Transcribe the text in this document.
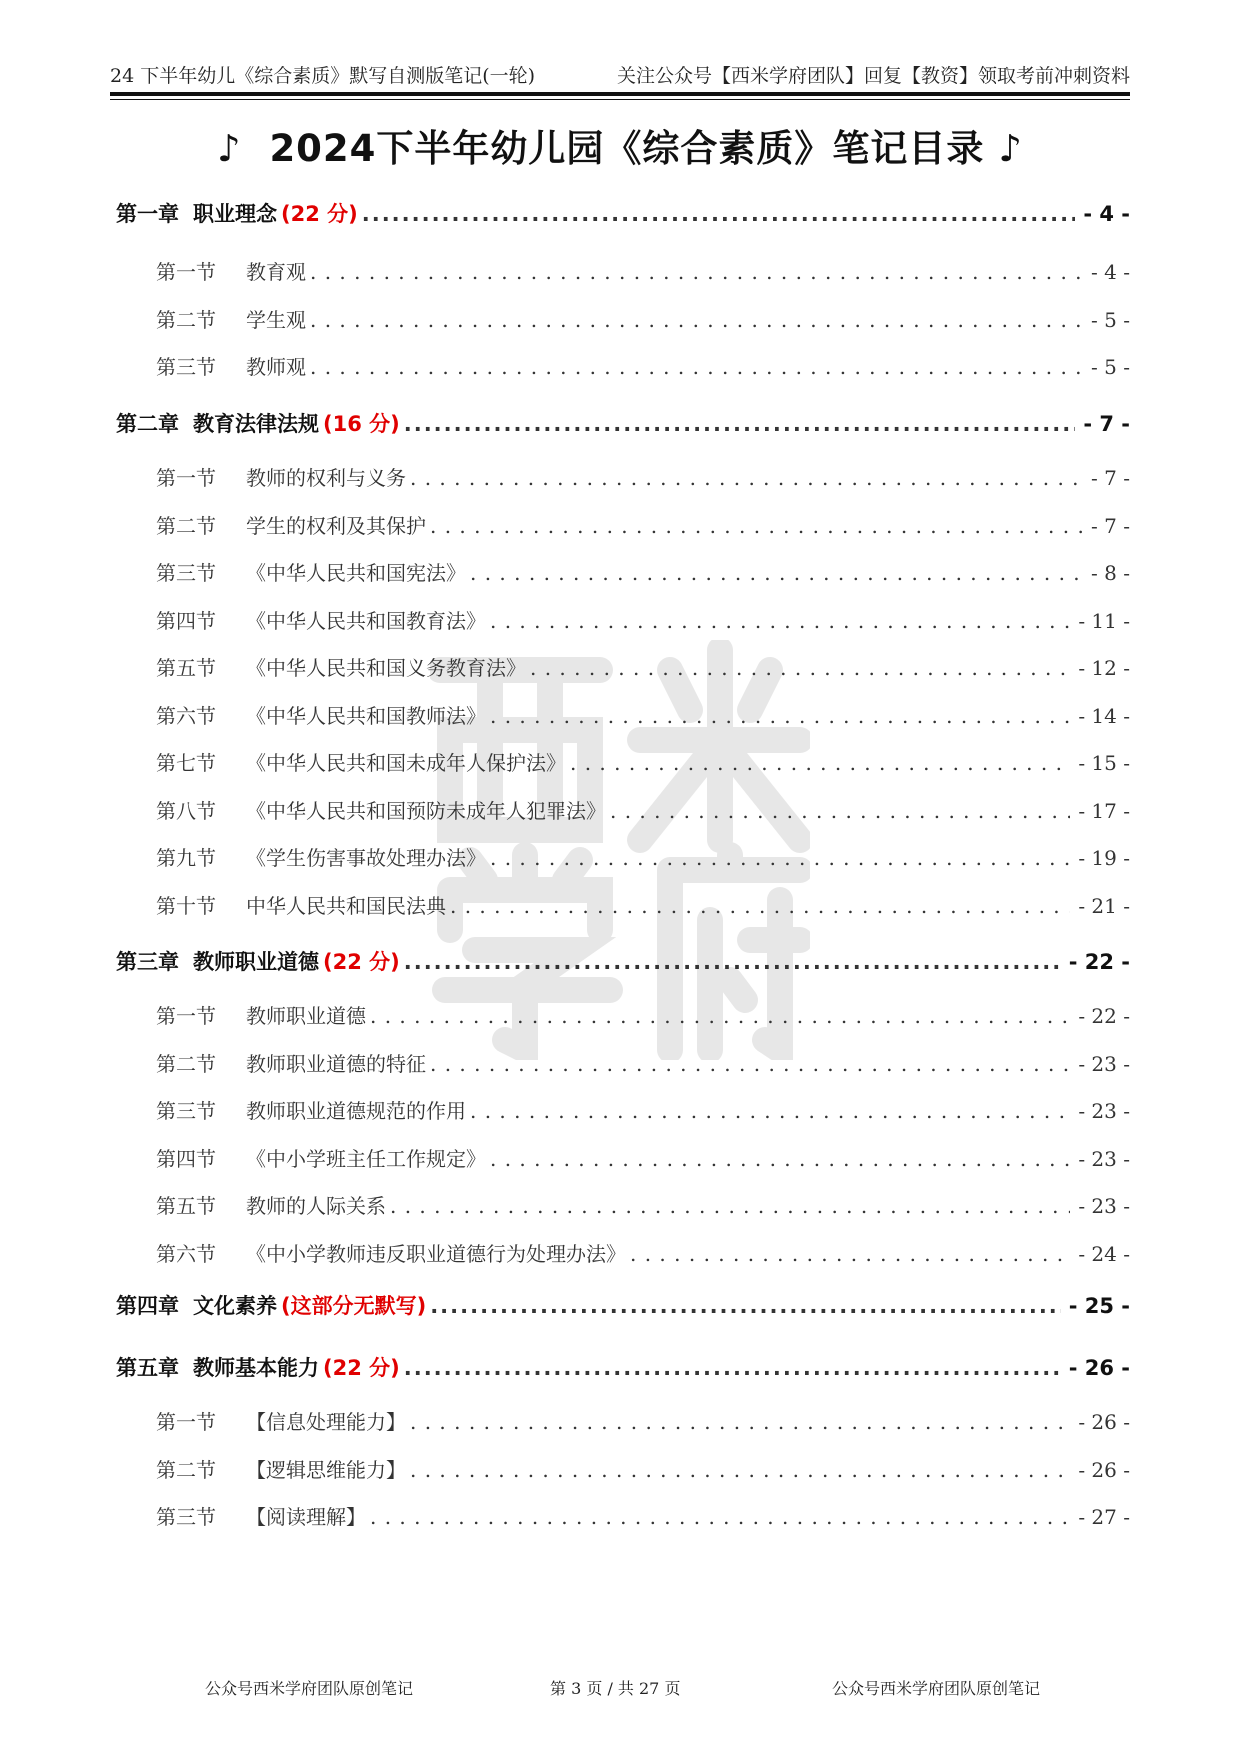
24 下半年幼儿《综合素质》默写自测版笔记(一轮)	关注公众号【西米学府团队】回复【教资】领取考前冲刺资料
♪ 2024下半年幼儿园《综合素质》笔记目录 ♪
第一章 职业理念 (22 分) .....	- 4 -
第一节	教育观 . . .	- 4 -
第二节	学生观 . . .	- 5 -
第三节	教师观 . . .	- 5 -
第二章 教育法律法规 (16 分) .....	- 7 -
第一节	教师的权利与义务 . . .	- 7 -
第二节	学生的权利及其保护 . . .	- 7 -
第三节	《中华人民共和国宪法》 . . .	- 8 -
第四节	《中华人民共和国教育法》 . . .	- 11 -
第五节	《中华人民共和国义务教育法》 . . .	- 12 -
第六节	《中华人民共和国教师法》 . . .	- 14 -
第七节	《中华人民共和国未成年人保护法》 . . .	- 15 -
第八节	《中华人民共和国预防未成年人犯罪法》 . . .	- 17 -
第九节	《学生伤害事故处理办法》 . . .	- 19 -
第十节	中华人民共和国民法典 . . .	- 21 -
第三章 教师职业道德 (22 分) .....	- 22 -
第一节	教师职业道德 . . .	- 22 -
第二节	教师职业道德的特征 . . .	- 23 -
第三节	教师职业道德规范的作用 . . .	- 23 -
第四节	《中小学班主任工作规定》 . . .	- 23 -
第五节	教师的人际关系 . . .	- 23 -
第六节	《中小学教师违反职业道德行为处理办法》 . . .	- 24 -
第四章 文化素养 (这部分无默写) .....	- 25 -
第五章 教师基本能力 (22 分) .....	- 26 -
第一节	【信息处理能力】 . . .	- 26 -
第二节	【逻辑思维能力】 . . .	- 26 -
第三节	【阅读理解】 . . .	- 27 -
公众号西米学府团队原创笔记	第 3 页 / 共 27 页	公众号西米学府团队原创笔记
